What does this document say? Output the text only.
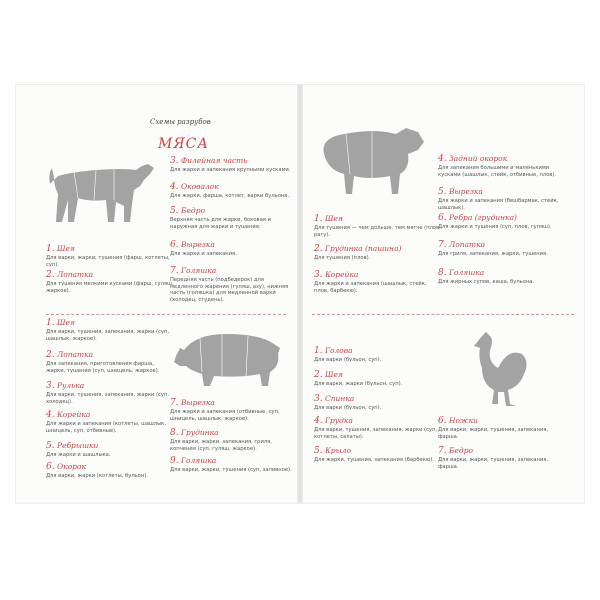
Схемы разрубов
МЯСА
1. Шея
Для варки, жарки, тушения (фарш, котлеты, суп).
2. Лопатка
Для тушения мелкими кусками (фарш, гуляш, жаркое).
3. Филейная часть
Для жарки и запекания крупными кусками.
4. Оковалок
Для жарки, фарша, котлет, варки бульона.
5. Бедро
Верхняя часть для жарки, боковая и наружная для жарки и тушения.
6. Вырезка
Для жарки и запекания.
7. Голяшка
Передняя часть (подбедерок) для медленного жарения (гуляш, азу), нижняя часть (голяшка) для медленной варки (холодец, студень).
1. Шея
Для варки, тушения, запекания, жарки (суп, шашлык, жаркое).
2. Лопатка
Для запекания, приготовления фарша, жарки, тушения (суп, шницель, жаркое).
3. Рулька
Для варки, тушения, запекания, жарки (суп, холодец).
4. Корейка
Для жарки и запекания (котлеты, шашлык, шницель, суп, отбивные).
5. Ребрышки
Для жарки и шашлыка.
6. Окорок
Для варки, жарки (котлеты, бульон).
7. Вырезка
Для жарки и запекания (отбивные, суп, шницель, шашлык, жаркое).
8. Грудинка
Для варки, жарки, запекания, гриля, копчения (суп, гуляш, жаркое).
9. Голяшка
Для варки, жарки, тушения (суп, заливное).
1. Шея
Для тушения — чем дольше, тем мягче (плов, рагу).
2. Грудинка (пашина)
Для тушения (плов).
3. Корейка
Для жарки и запекания (шашлык, стейк, плов, барбекю).
4. Задний окорок
Для запекания большими и маленькими кусками (шашлык, стейк, отбивные, плов).
5. Вырезка
Для жарки и запекания (бешбармак, стейк, шашлык).
6. Ребра (грудинка)
Для жарки и тушения (суп, плов, гуляш).
7. Лопатка
Для гриля, запекания, жарки, тушения.
8. Голяшка
Для жирных супов, каша, бульона.
1. Голова
Для варки (бульон, суп).
2. Шея
Для варки, жарки (бульон, суп).
3. Спинка
Для варки (бульон, суп).
4. Грудка
Для варки, тушения, запекания, жарки (суп, котлеты, салаты).
5. Крыло
Для жарки, тушения, запекания (барбекю).
6. Ножки
Для варки, жарки, тушения, запекания, фарша.
7. Бедро
Для варки, жарки, тушения, запекания, фарша.
